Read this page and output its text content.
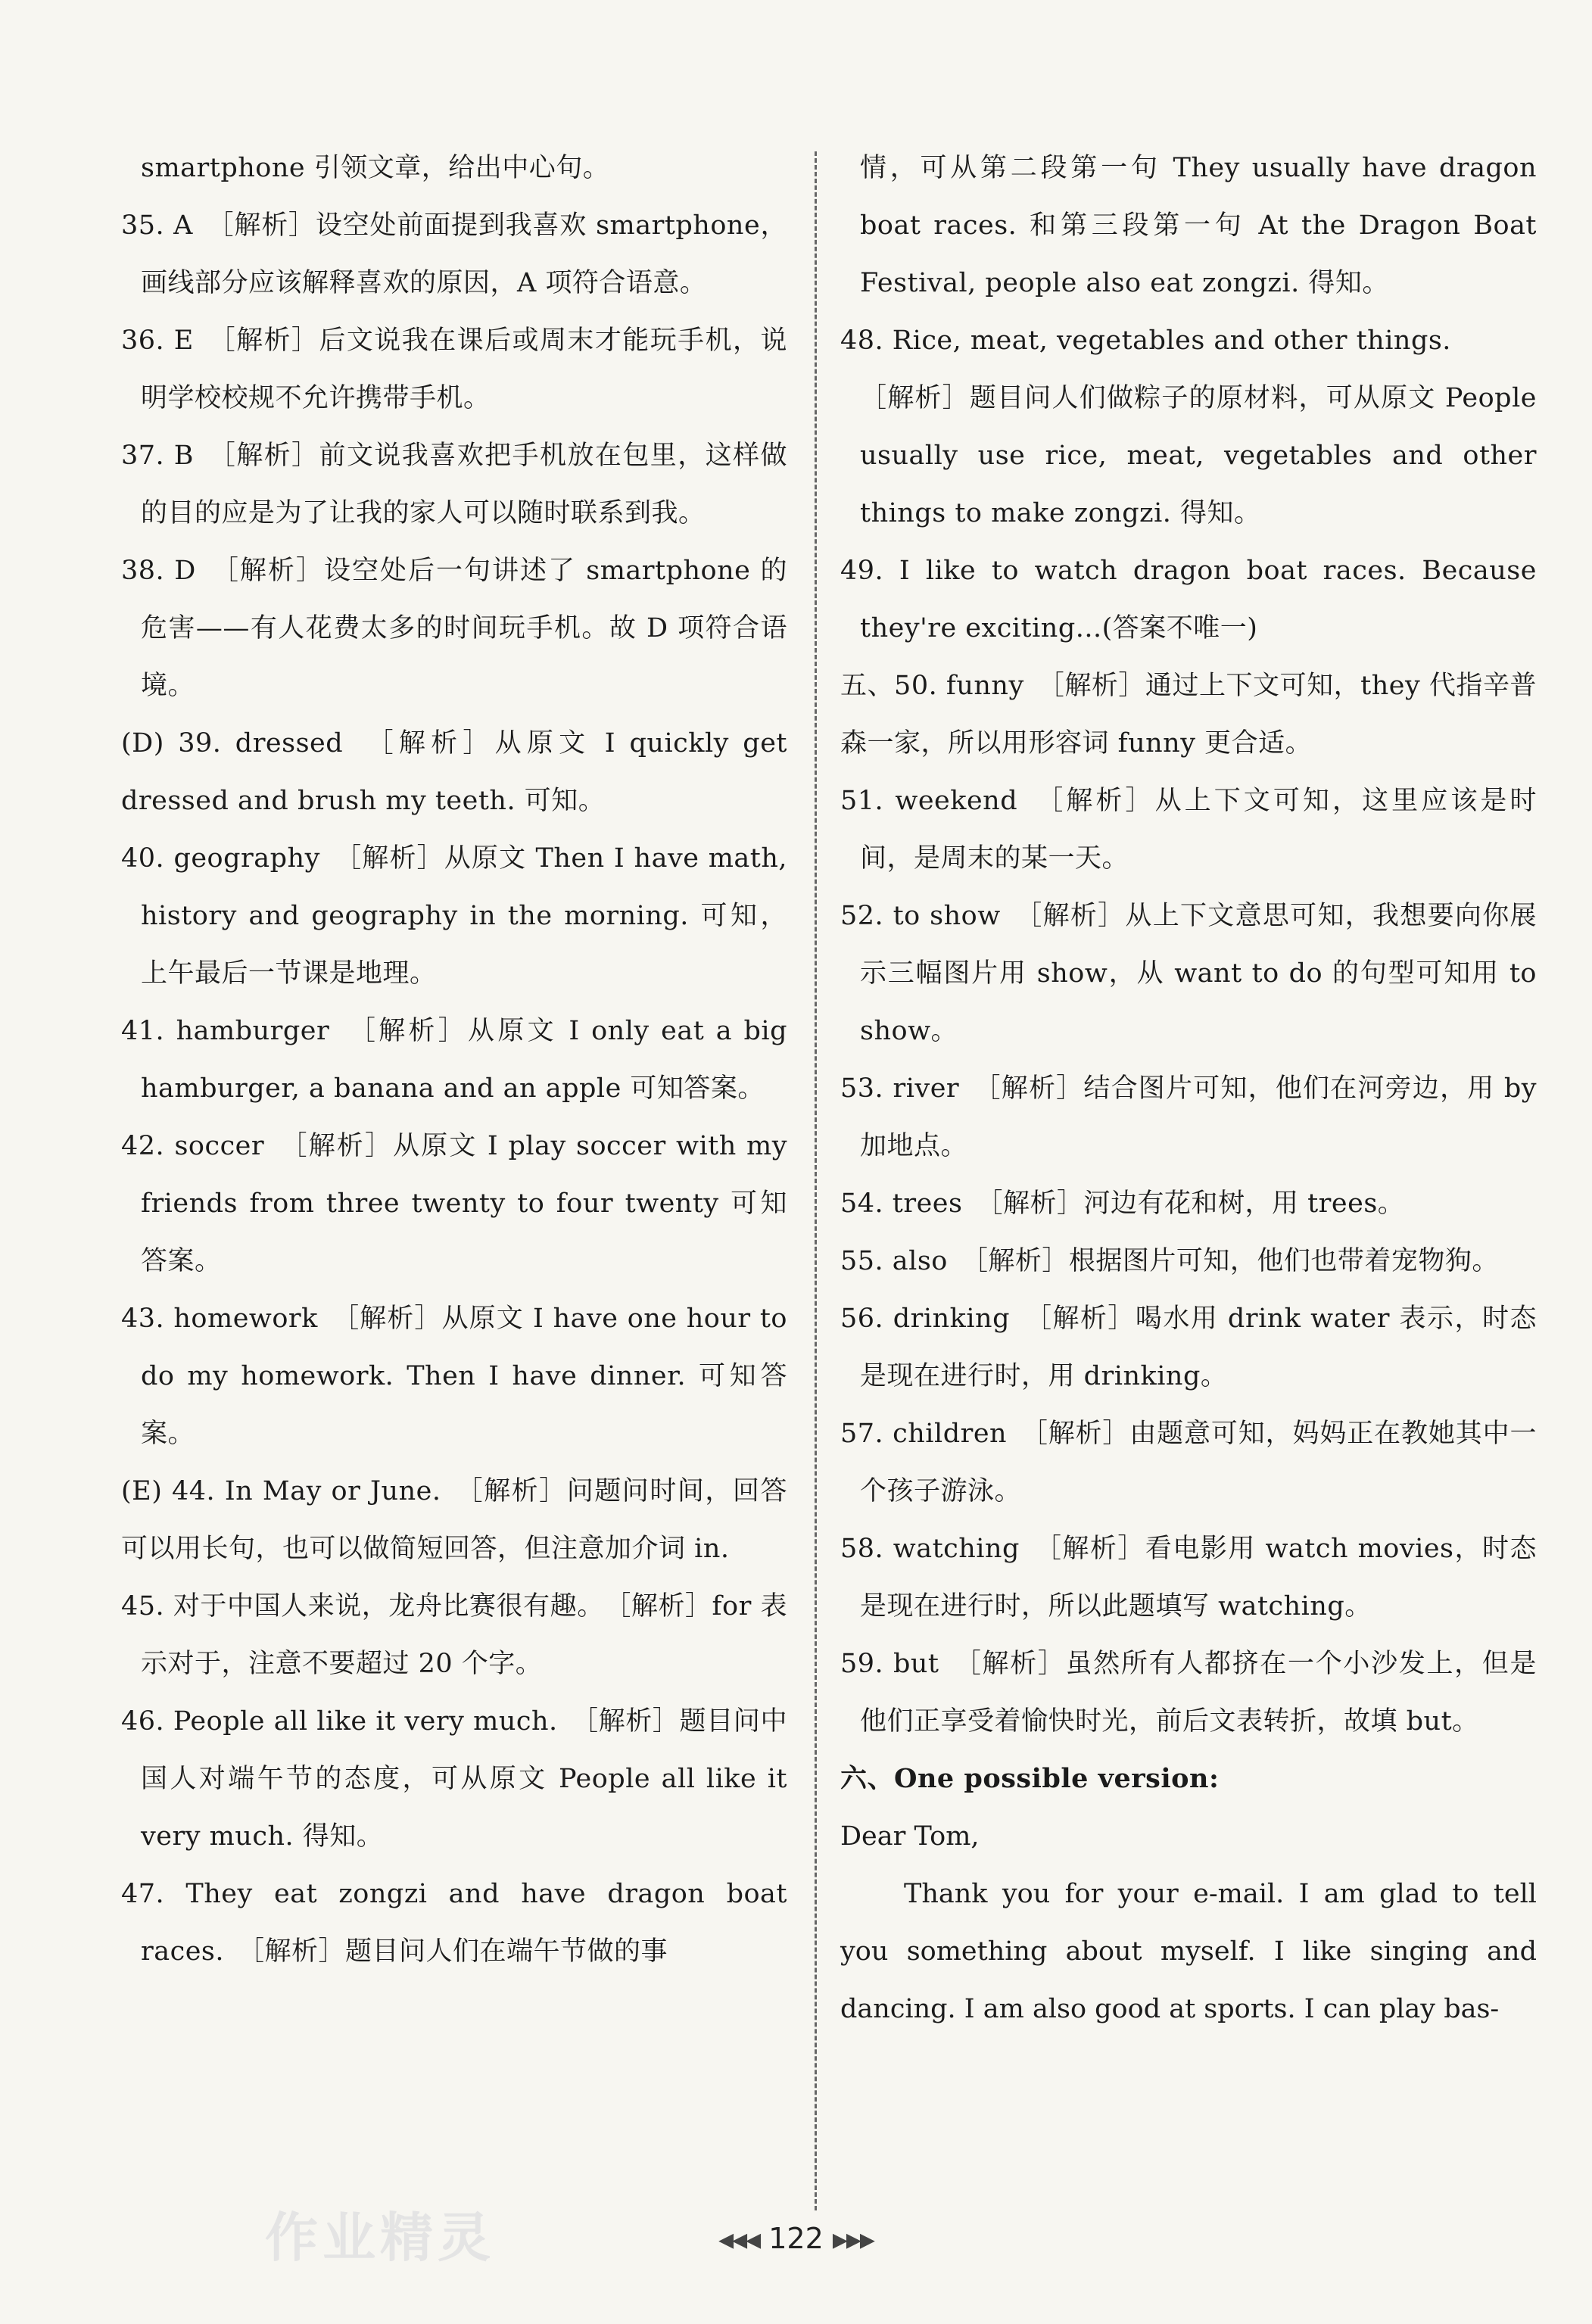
smartphone 引领文章，给出中心句。

35. A　［解析］设空处前面提到我喜欢 smartphone，画线部分应该解释喜欢的原因，A 项符合语意。

36. E　［解析］后文说我在课后或周末才能玩手机，说明学校校规不允许携带手机。

37. B　［解析］前文说我喜欢把手机放在包里，这样做的目的应是为了让我的家人可以随时联系到我。

38. D　［解析］设空处后一句讲述了 smartphone 的危害——有人花费太多的时间玩手机。故 D 项符合语境。

(D) 39. dressed　［解析］从原文 I quickly get dressed and brush my teeth. 可知。

40. geography　［解析］从原文 Then I have math, history and geography in the morning. 可知，上午最后一节课是地理。

41. hamburger　［解析］从原文 I only eat a big hamburger, a banana and an apple 可知答案。

42. soccer　［解析］从原文 I play soccer with my friends from three twenty to four twenty 可知答案。

43. homework　［解析］从原文 I have one hour to do my homework. Then I have dinner. 可知答案。

(E) 44. In May or June.　［解析］问题问时间，回答可以用长句，也可以做简短回答，但注意加介词 in.

45. 对于中国人来说，龙舟比赛很有趣。　［解析］for 表示对于，注意不要超过 20 个字。

46. People all like it very much.　［解析］题目问中国人对端午节的态度，可从原文 People all like it very much. 得知。

47. They eat zongzi and have dragon boat races.　［解析］题目问人们在端午节做的事

情，可从第二段第一句 They usually have dragon boat races. 和第三段第一句 At the Dragon Boat Festival, people also eat zongzi. 得知。

48. Rice, meat, vegetables and other things.

［解析］题目问人们做粽子的原材料，可从原文 People usually use rice, meat, vegetables and other things to make zongzi. 得知。

49. I like to watch dragon boat races. Because they're exciting...(答案不唯一)

五、50. funny　［解析］通过上下文可知，they 代指辛普森一家，所以用形容词 funny 更合适。

51. weekend　［解析］从上下文可知，这里应该是时间，是周末的某一天。

52. to show　［解析］从上下文意思可知，我想要向你展示三幅图片用 show，从 want to do 的句型可知用 to show。

53. river　［解析］结合图片可知，他们在河旁边，用 by 加地点。

54. trees　［解析］河边有花和树，用 trees。

55. also　［解析］根据图片可知，他们也带着宠物狗。

56. drinking　［解析］喝水用 drink water 表示，时态是现在进行时，用 drinking。

57. children　［解析］由题意可知，妈妈正在教她其中一个孩子游泳。

58. watching　［解析］看电影用 watch movies，时态是现在进行时，所以此题填写 watching。

59. but　［解析］虽然所有人都挤在一个小沙发上，但是他们正享受着愉快时光，前后文表转折，故填 but。

六、One possible version:

Dear Tom,

Thank you for your e-mail. I am glad to tell you something about myself. I like singing and dancing. I am also good at sports. I can play bas-

作业精灵	◀◀◀ 122 ▶▶▶
